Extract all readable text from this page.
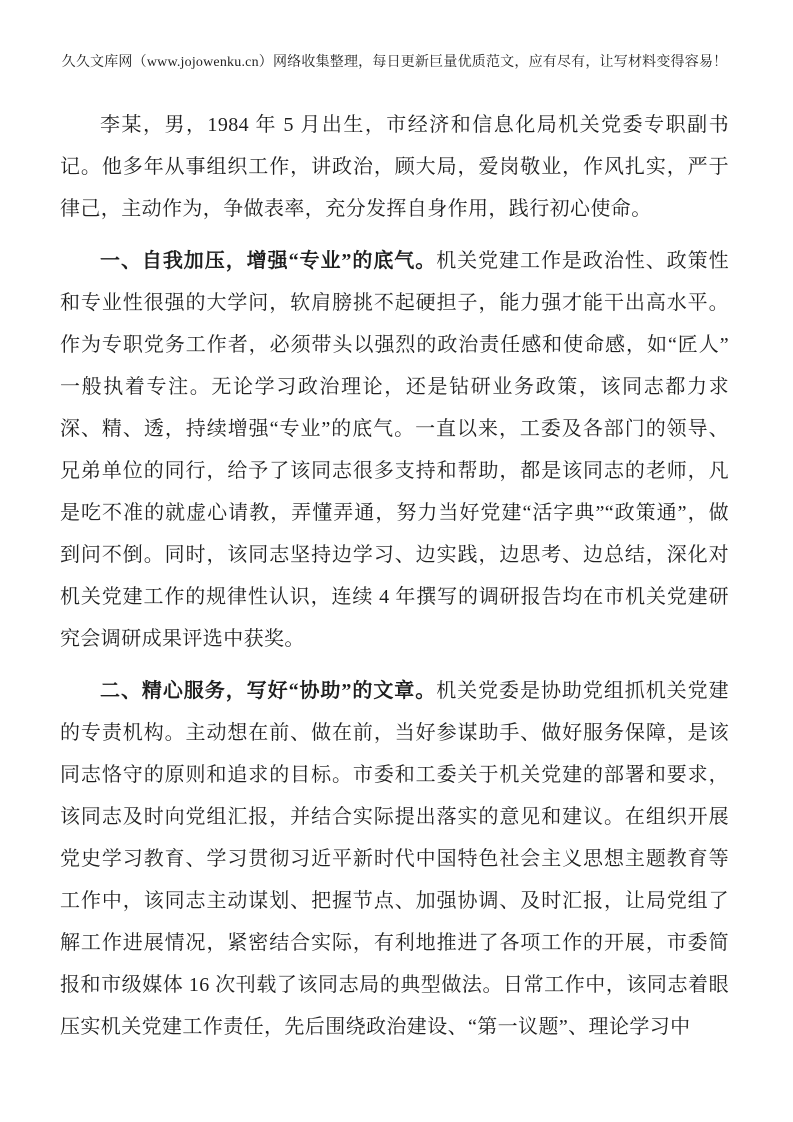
久久文库网（www.jojowenku.cn）网络收集整理，每日更新巨量优质范文，应有尽有，让写材料变得容易！

李某，男，1984 年 5 月出生，市经济和信息化局机关党委专职副书记。他多年从事组织工作，讲政治，顾大局，爱岗敬业，作风扎实，严于律己，主动作为，争做表率，充分发挥自身作用，践行初心使命。

一、自我加压，增强“专业”的底气。机关党建工作是政治性、政策性和专业性很强的大学问，软肩膀挑不起硬担子，能力强才能干出高水平。作为专职党务工作者，必须带头以强烈的政治责任感和使命感，如“匠人”一般执着专注。无论学习政治理论，还是钻研业务政策，该同志都力求深、精、透，持续增强“专业”的底气。一直以来，工委及各部门的领导、兄弟单位的同行，给予了该同志很多支持和帮助，都是该同志的老师，凡是吃不准的就虚心请教，弄懂弄通，努力当好党建“活字典”“政策通”，做到问不倒。同时，该同志坚持边学习、边实践，边思考、边总结，深化对机关党建工作的规律性认识，连续 4 年撰写的调研报告均在市机关党建研究会调研成果评选中获奖。

二、精心服务，写好“协助”的文章。机关党委是协助党组抓机关党建的专责机构。主动想在前、做在前，当好参谋助手、做好服务保障，是该同志恪守的原则和追求的目标。市委和工委关于机关党建的部署和要求，该同志及时向党组汇报，并结合实际提出落实的意见和建议。在组织开展党史学习教育、学习贯彻习近平新时代中国特色社会主义思想主题教育等工作中，该同志主动谋划、把握节点、加强协调、及时汇报，让局党组了解工作进展情况，紧密结合实际，有利地推进了各项工作的开展，市委简报和市级媒体 16 次刊载了该同志局的典型做法。日常工作中，该同志着眼压实机关党建工作责任，先后围绕政治建设、“第一议题”、理论学习中
